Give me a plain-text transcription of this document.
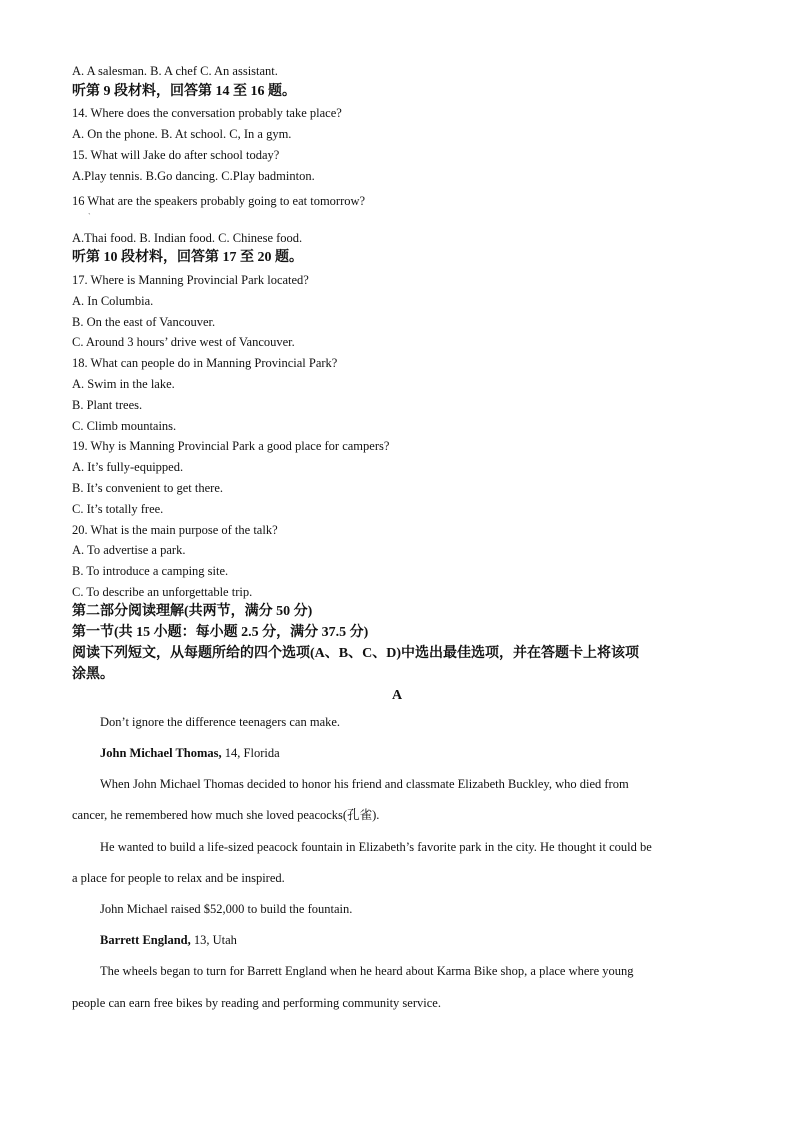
A. A salesman. B. A chef C. An assistant.
听第 9 段材料，回答第 14 至 16 题。
14. Where does the conversation probably take place?
A. On the phone. B. At school. C, In a gym.
15. What will Jake do after school today?
A.Play tennis. B.Go dancing. C.Play badminton.
16 What are the speakers probably going to eat tomorrow?
`
A.Thai food. B. Indian food. C. Chinese food.
听第 10 段材料，回答第 17 至 20 题。
17. Where is Manning Provincial Park located?
A. In Columbia.
B. On the east of Vancouver.
C. Around 3 hours’ drive west of Vancouver.
18. What can people do in Manning Provincial Park?
A. Swim in the lake.
B. Plant trees.
C. Climb mountains.
19. Why is Manning Provincial Park a good place for campers?
A. It’s fully-equipped.
B. It’s convenient to get there.
C. It’s totally free.
20. What is the main purpose of the talk?
A. To advertise a park.
B. To introduce a camping site.
C. To describe an unforgettable trip.
第二部分阅读理解(共两节，满分 50 分)
第一节(共 15 小题：每小题 2.5 分，满分 37.5 分)
阅读下列短文，从每题所给的四个选项(A、B、C、D)中选出最佳选项，并在答题卡上将该项
涂黑。
A
Don’t ignore the difference teenagers can make.
John Michael Thomas, 14, Florida
When John Michael Thomas decided to honor his friend and classmate Elizabeth Buckley, who died from
cancer, he remembered how much she loved peacocks(孔雀).
He wanted to build a life-sized peacock fountain in Elizabeth’s favorite park in the city. He thought it could be
a place for people to relax and be inspired.
John Michael raised $52,000 to build the fountain.
Barrett England, 13, Utah
The wheels began to turn for Barrett England when he heard about Karma Bike shop, a place where young
people can earn free bikes by reading and performing community service.
